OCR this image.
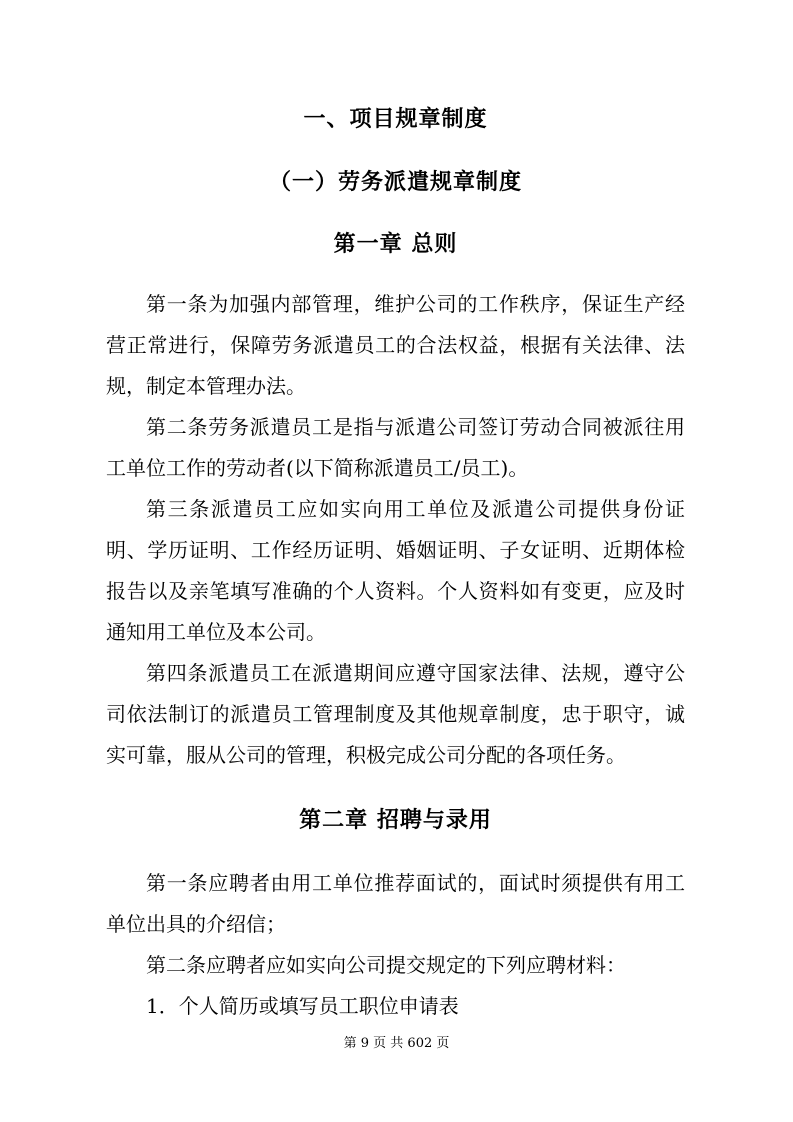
一、项目规章制度
（一）劳务派遣规章制度
第一章 总则

第一条为加强内部管理，维护公司的工作秩序，保证生产经营正常进行，保障劳务派遣员工的合法权益，根据有关法律、法规，制定本管理办法。

第二条劳务派遣员工是指与派遣公司签订劳动合同被派往用工单位工作的劳动者(以下简称派遣员工/员工)。

第三条派遣员工应如实向用工单位及派遣公司提供身份证明、学历证明、工作经历证明、婚姻证明、子女证明、近期体检报告以及亲笔填写准确的个人资料。个人资料如有变更，应及时通知用工单位及本公司。

第四条派遣员工在派遣期间应遵守国家法律、法规，遵守公司依法制订的派遣员工管理制度及其他规章制度，忠于职守，诚实可靠，服从公司的管理，积极完成公司分配的各项任务。

第二章 招聘与录用

第一条应聘者由用工单位推荐面试的，面试时须提供有用工单位出具的介绍信；

第二条应聘者应如实向公司提交规定的下列应聘材料：

1．个人简历或填写员工职位申请表

第 9 页 共 602 页
